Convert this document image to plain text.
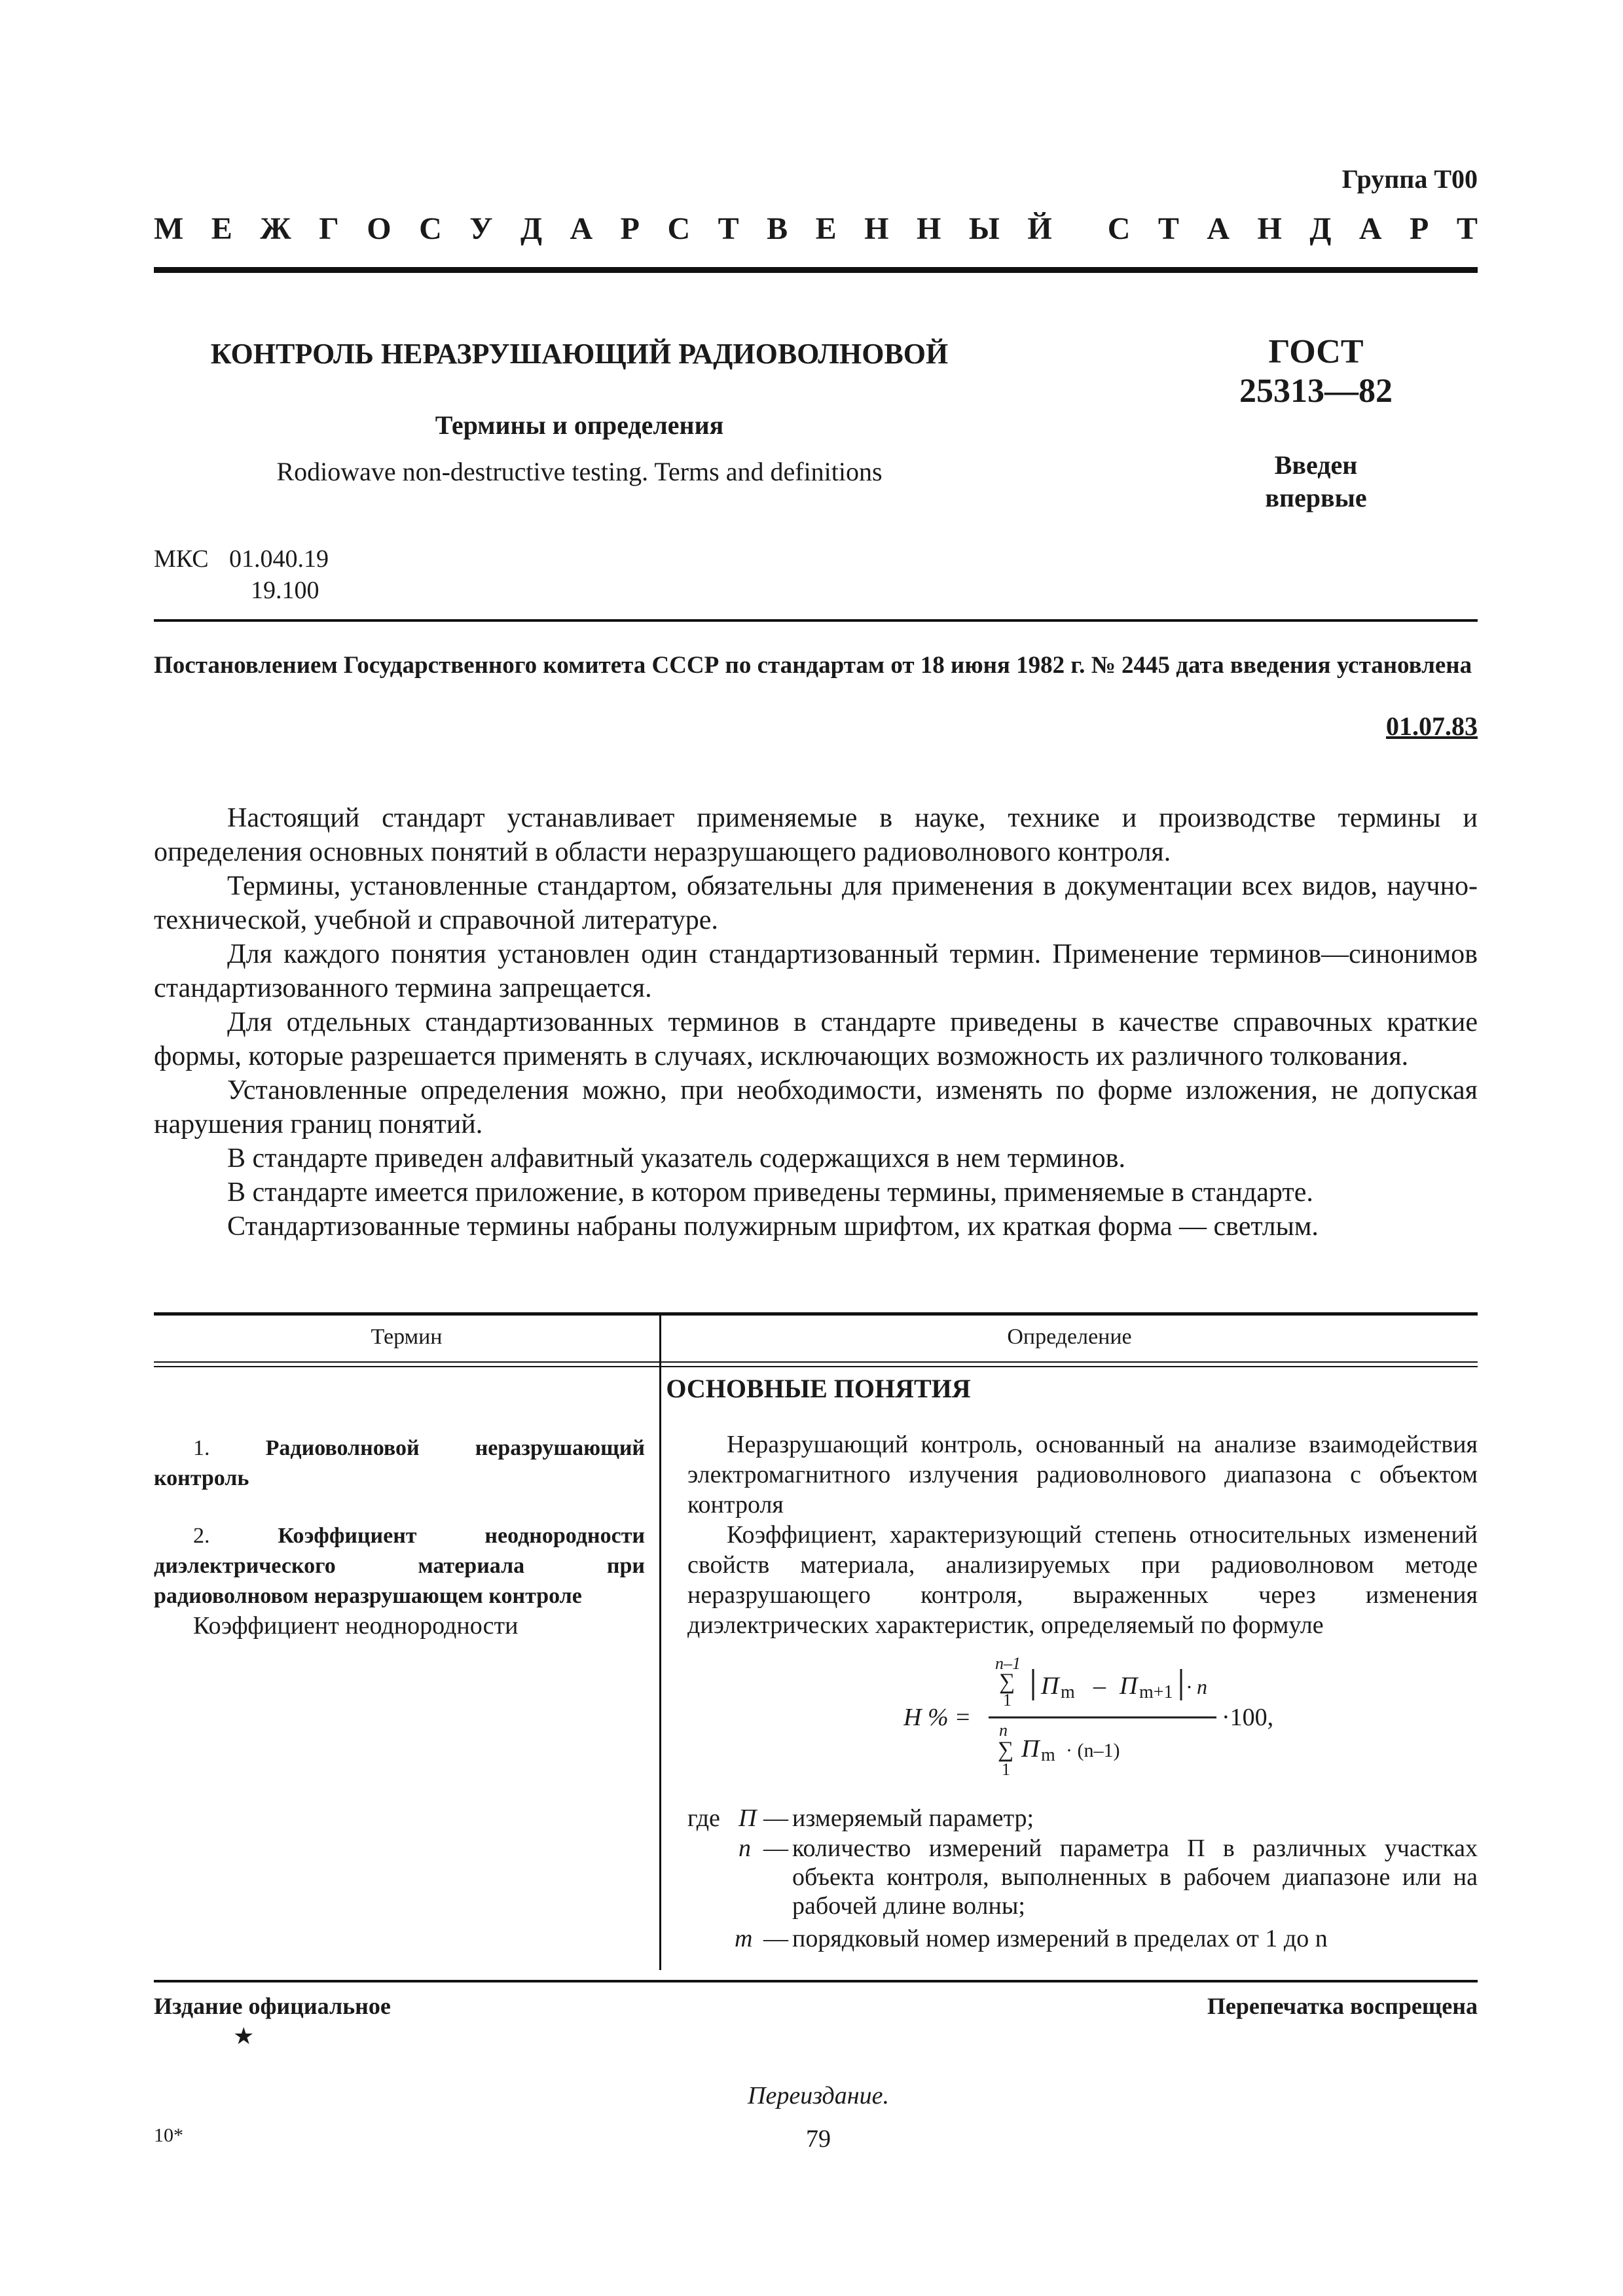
Группа Т00
М Е Ж Г О С У Д А Р С Т В Е Н Н Ы Й С Т А Н Д А Р Т
КОНТРОЛЬ НЕРАЗРУШАЮЩИЙ РАДИОВОЛНОВОЙ
Термины и определения
Rodiowave non-destructive testing. Terms and definitions
ГОСТ
25313—82
Введен
впервые
МКС 01.040.19
19.100
Постановлением Государственного комитета СССР по стандартам от 18 июня 1982 г. № 2445 дата введения установлена
01.07.83

Настоящий стандарт устанавливает применяемые в науке, технике и производстве термины и определения основных понятий в области неразрушающего радиоволнового контроля.

Термины, установленные стандартом, обязательны для применения в документации всех видов, научно-технической, учебной и справочной литературе.

Для каждого понятия установлен один стандартизованный термин. Применение терминов—синонимов стандартизованного термина запрещается.

Для отдельных стандартизованных терминов в стандарте приведены в качестве справочных краткие формы, которые разрешается применять в случаях, исключающих возможность их различного толкования.

Установленные определения можно, при необходимости, изменять по форме изложения, не допуская нарушения границ понятий.

В стандарте приведен алфавитный указатель содержащихся в нем терминов.

В стандарте имеется приложение, в котором приведены термины, применяемые в стандарте.

Стандартизованные термины набраны полужирным шрифтом, их краткая форма — светлым.

Термин	Определение
ОСНОВНЫЕ ПОНЯТИЯ
1. Радиоволновой неразрушающий контроль
Неразрушающий контроль, основанный на анализе взаимодействия электромагнитного излучения радиоволнового диапазона с объектом контроля
2. Коэффициент неоднородности диэлектрического материала при радиоволновом неразрушающем контроле
Коэффициент неоднородности
Коэффициент, характеризующий степень относительных изменений свойств материала, анализируемых при радиоволновом методе неразрушающего контроля, выраженных через изменения диэлектрических характеристик, определяемый по формуле
H % =
n–1
∑
1
П m – П m+1 · n
n
∑
1
П m · (n–1)
·100,
где П — измеряемый параметр;
n — количество измерений параметра П в различных участках объекта контроля, выполненных в рабочем диапазоне или на рабочей длине волны;
m — порядковый номер измерений в пределах от 1 до n
Издание официальное
★
Перепечатка воспрещена
Переиздание.
10*	79
